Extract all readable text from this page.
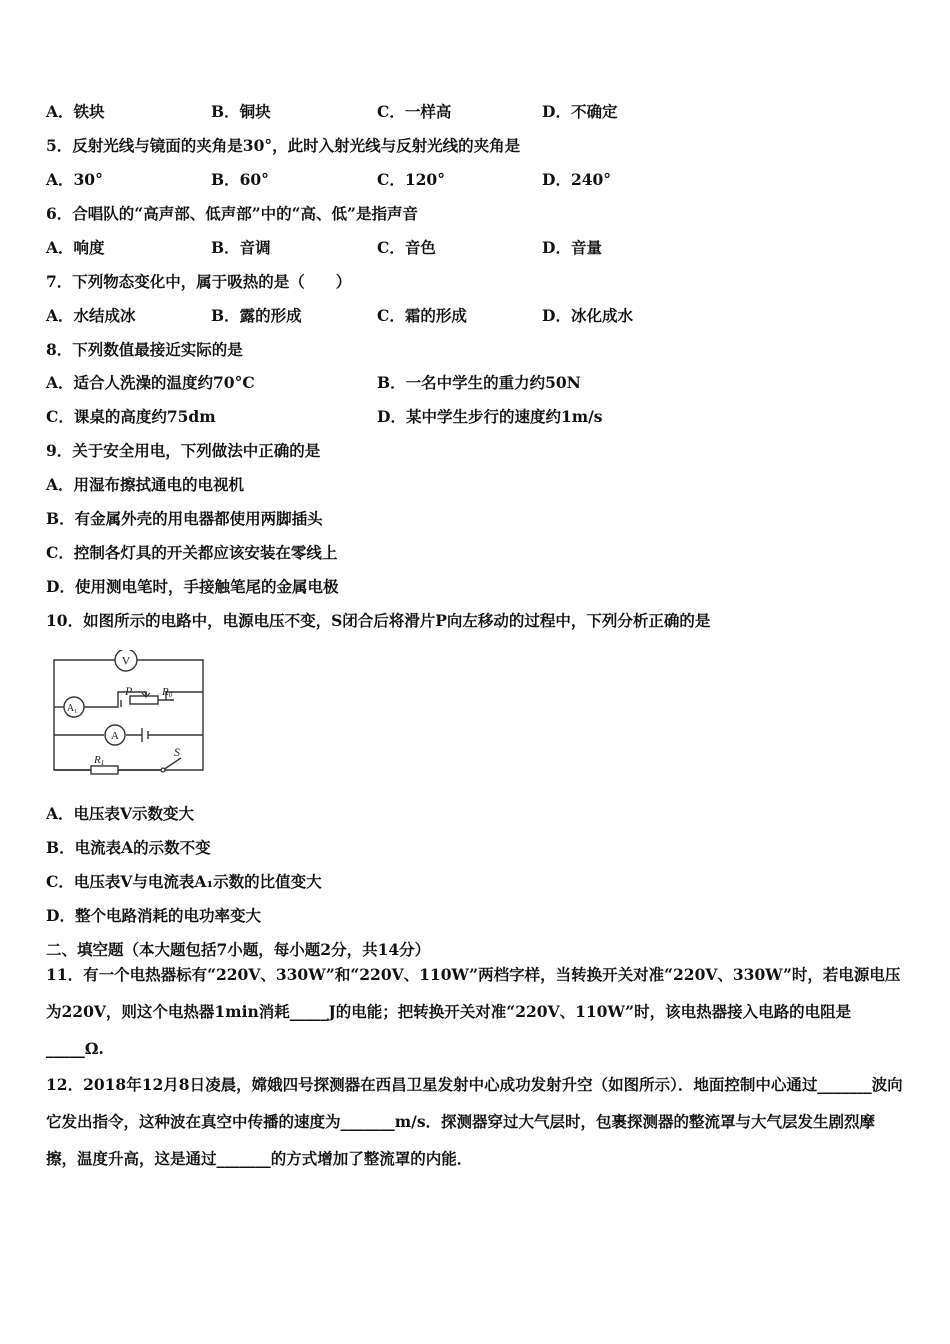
A．铁块	B．铜块	C．一样高	D．不确定
5．反射光线与镜面的夹角是30°，此时入射光线与反射光线的夹角是
A．30°	B．60°	C．120°	D．240°
6．合唱队的“高声部、低声部”中的“高、低”是指声音
A．响度	B．音调	C．音色	D．音量
7．下列物态变化中，属于吸热的是（　　）
A．水结成冰	B．露的形成	C．霜的形成	D．冰化成水
8．下列数值最接近实际的是
A．适合人洗澡的温度约70°C	B．一名中学生的重力约50N
C．课桌的高度约75dm	D．某中学生步行的速度约1m/s
9．关于安全用电，下列做法中正确的是
A．用湿布擦拭通电的电视机
B．有金属外壳的用电器都使用两脚插头
C．控制各灯具的开关都应该安装在零线上
D．使用测电笔时，手接触笔尾的金属电极
10．如图所示的电路中，电源电压不变，S闭合后将滑片P向左移动的过程中，下列分析正确的是
V
$A_1$
P	R0
A
R1
S
A．电压表V示数变大
B．电流表A的示数不变
C．电压表V与电流表A₁示数的比值变大
D．整个电路消耗的电功率变大
二、填空题（本大题包括7小题，每小题2分，共14分）
11．有一个电热器标有“220V、330W”和“220V、110W”两档字样，当转换开关对准“220V、330W”时，若电源电压为220V，则这个电热器1min消耗_____J的电能；把转换开关对准“220V、110W”时，该电热器接入电路的电阻是_____Ω.
12．2018年12月8日凌晨，嫦娥四号探测器在西昌卫星发射中心成功发射升空（如图所示）．地面控制中心通过_______波向它发出指令，这种波在真空中传播的速度为_______m/s．探测器穿过大气层时，包裹探测器的整流罩与大气层发生剧烈摩擦，温度升高，这是通过_______的方式增加了整流罩的内能．
